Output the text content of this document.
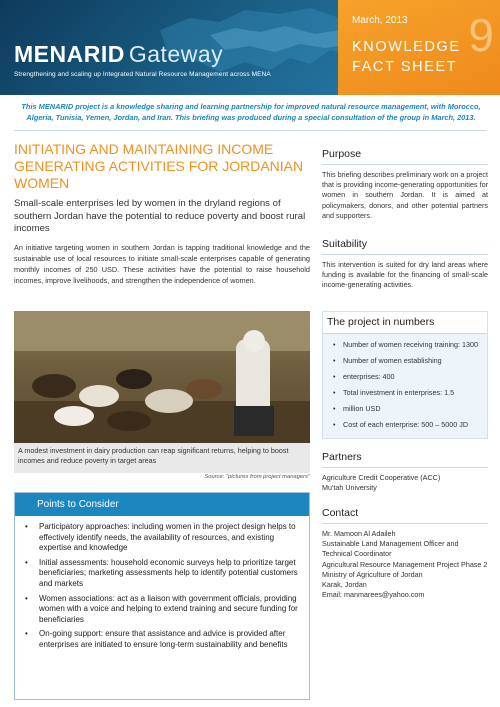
MENARID Gateway
Strengthening and scaling up Integrated Natural Resource Management across MENA
9
March, 2013
KNOWLEDGE
FACT SHEET
This MENARID project is a knowledge sharing and learning partnership for improved natural resource management, with Morocco, Algeria, Tunisia, Yemen, Jordan, and Iran. This briefing was produced during a special consultation of the group in March, 2013.
INITIATING AND MAINTAINING INCOME GENERATING ACTIVITIES FOR JORDANIAN WOMEN
Small-scale enterprises led by women in the dryland regions of southern Jordan have the potential to reduce poverty and boost rural incomes
An initiative targeting women in southern Jordan is tapping traditional knowledge and the sustainable use of local resources to initiate small-scale enterprises capable of generating monthly incomes of 250 USD. These activities have the potential to raise household incomes, improve livelihoods, and strengthen the independence of women.
A modest investment in dairy production can reap significant returns, helping to boost incomes and reduce poverty in target areas
Source: "pictures from project managers"
Points to Consider
• Participatory approaches: including women in the project design helps to effectively identify needs, the availability of resources, and existing expertise and knowledge
• Initial assessments: household economic surveys help to prioritize target beneficiaries; marketing assessments help to identify potential customers and markets
• Women associations: act as a liaison with government officials, providing women with a voice and helping to extend training and secure funding for beneficiaries
• On-going support: ensure that assistance and advice is provided after enterprises are initiated to ensure long-term sustainability and benefits
Purpose
This briefing describes preliminary work on a project that is providing income-generating opportunities for women in southern Jordan. It is aimed at policymakers, donors, and other potential partners and supporters.
Suitability
This intervention is suited for dry land areas where funding is available for the financing of small-scale income-generating activities.
The project in numbers
• Number of women receiving training: 1300
• Number of women establishing
• enterprises: 400
• Total investment in enterprises: 1.5
• million USD
• Cost of each enterprise: 500 – 5000 JD
Partners
Agriculture Credit Cooperative (ACC)
Mu'tah University
Contact
Mr. Mamoon Al Adaileh
Sustainable Land Management Officer and Technical Coordinator
Agricultural Resource Management Project Phase 2
Ministry of Agriculture of Jordan
Karak, Jordan
Email: manmarees@yahoo.com
